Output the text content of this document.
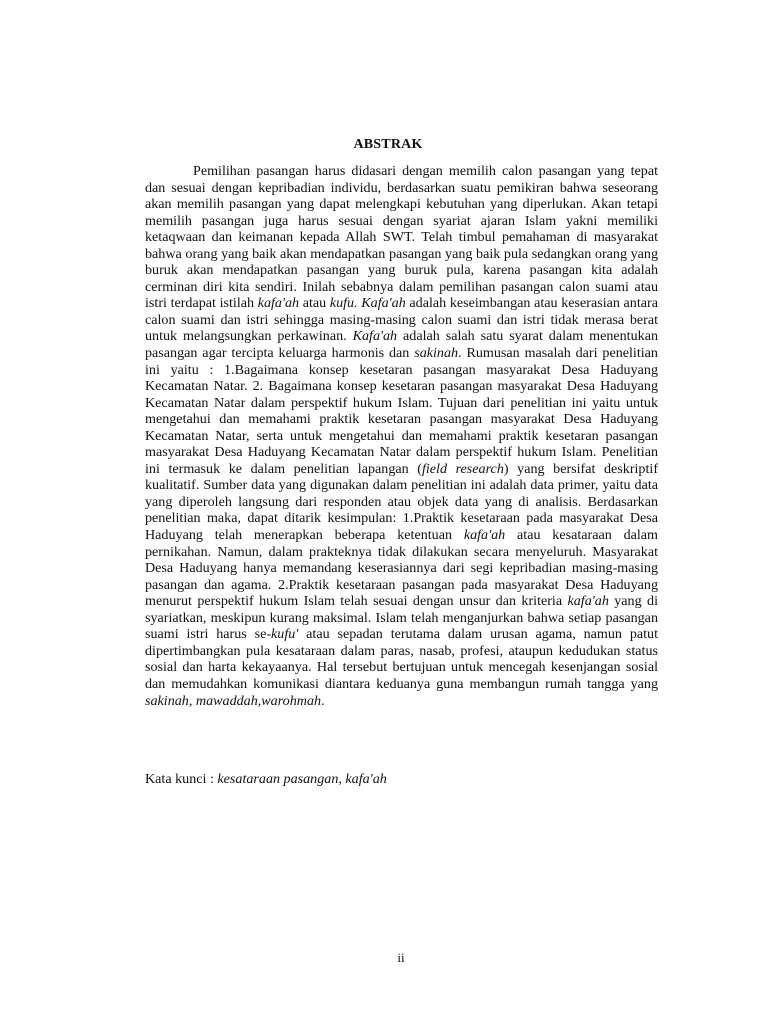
ABSTRAK

Pemilihan pasangan harus didasari dengan memilih calon pasangan yang tepat dan sesuai dengan kepribadian individu, berdasarkan suatu pemikiran bahwa seseorang akan memilih pasangan yang dapat melengkapi kebutuhan yang diperlukan. Akan tetapi memilih pasangan juga harus sesuai dengan syariat ajaran Islam yakni memiliki ketaqwaan dan keimanan kepada Allah SWT. Telah timbul pemahaman di masyarakat bahwa orang yang baik akan mendapatkan pasangan yang baik pula sedangkan orang yang buruk akan mendapatkan pasangan yang buruk pula, karena pasangan kita adalah cerminan diri kita sendiri. Inilah sebabnya dalam pemilihan pasangan calon suami atau istri terdapat istilah kafa'ah atau kufu. Kafa'ah adalah keseimbangan atau keserasian antara calon suami dan istri sehingga masing-masing calon suami dan istri tidak merasa berat untuk melangsungkan perkawinan. Kafa'ah adalah salah satu syarat dalam menentukan pasangan agar tercipta keluarga harmonis dan sakinah. Rumusan masalah dari penelitian ini yaitu : 1.Bagaimana konsep kesetaran pasangan masyarakat Desa Haduyang Kecamatan Natar. 2. Bagaimana konsep kesetaran pasangan masyarakat Desa Haduyang Kecamatan Natar dalam perspektif hukum Islam. Tujuan dari penelitian ini yaitu untuk mengetahui dan memahami praktik kesetaran pasangan masyarakat Desa Haduyang Kecamatan Natar, serta untuk mengetahui dan memahami praktik kesetaran pasangan masyarakat Desa Haduyang Kecamatan Natar dalam perspektif hukum Islam. Penelitian ini termasuk ke dalam penelitian lapangan (field research) yang bersifat deskriptif kualitatif. Sumber data yang digunakan dalam penelitian ini adalah data primer, yaitu data yang diperoleh langsung dari responden atau objek data yang di analisis. Berdasarkan penelitian maka, dapat ditarik kesimpulan: 1.Praktik kesetaraan pada masyarakat Desa Haduyang telah menerapkan beberapa ketentuan kafa'ah atau kesataraan dalam pernikahan. Namun, dalam prakteknya tidak dilakukan secara menyeluruh. Masyarakat Desa Haduyang hanya memandang keserasiannya dari segi kepribadian masing-masing pasangan dan agama. 2.Praktik kesetaraan pasangan pada masyarakat Desa Haduyang menurut perspektif hukum Islam telah sesuai dengan unsur dan kriteria kafa'ah yang di syariatkan, meskipun kurang maksimal. Islam telah menganjurkan bahwa setiap pasangan suami istri harus se-kufu' atau sepadan terutama dalam urusan agama, namun patut dipertimbangkan pula kesataraan dalam paras, nasab, profesi, ataupun kedudukan status sosial dan harta kekayaanya. Hal tersebut bertujuan untuk mencegah kesenjangan sosial dan memudahkan komunikasi diantara keduanya guna membangun rumah tangga yang sakinah, mawaddah,warohmah.

Kata kunci : kesataraan pasangan, kafa'ah
ii
